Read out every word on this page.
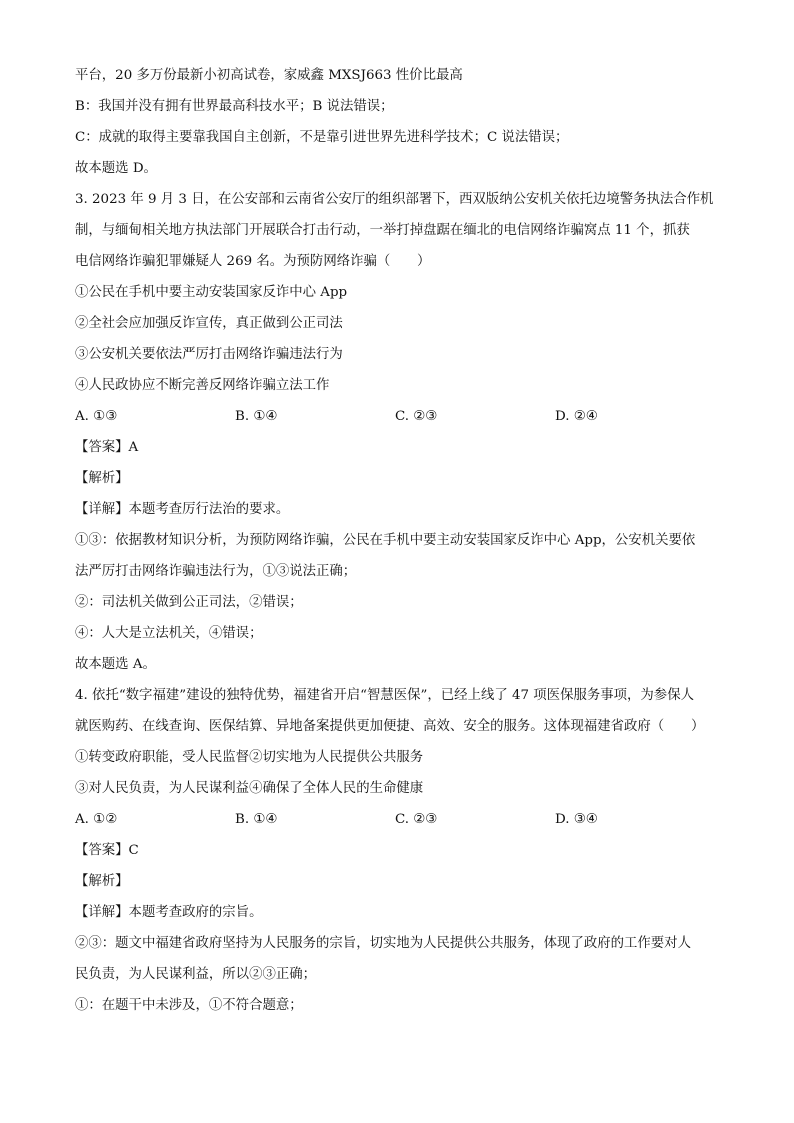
平台，20 多万份最新小初高试卷，家威鑫 MXSJ663 性价比最高
B：我国并没有拥有世界最高科技水平；B 说法错误；
C：成就的取得主要靠我国自主创新，不是靠引进世界先进科学技术；C 说法错误；
故本题选 D。
3. 2023 年 9 月 3 日，在公安部和云南省公安厅的组织部署下，西双版纳公安机关依托边境警务执法合作机
制，与缅甸相关地方执法部门开展联合打击行动，一举打掉盘踞在缅北的电信网络诈骗窝点 11 个，抓获
电信网络诈骗犯罪嫌疑人 269 名。为预防网络诈骗（　　）
①公民在手机中要主动安装国家反诈中心 App
②全社会应加强反诈宣传，真正做到公正司法
③公安机关要依法严厉打击网络诈骗违法行为
④人民政协应不断完善反网络诈骗立法工作
A. ①③	B. ①④	C. ②③	D. ②④
【答案】A
【解析】
【详解】本题考查厉行法治的要求。
①③：依据教材知识分析，为预防网络诈骗，公民在手机中要主动安装国家反诈中心 App，公安机关要依
法严厉打击网络诈骗违法行为，①③说法正确；
②：司法机关做到公正司法，②错误；
④：人大是立法机关，④错误；
故本题选 A。
4. 依托“数字福建”建设的独特优势，福建省开启“智慧医保”，已经上线了 47 项医保服务事项，为参保人
就医购药、在线查询、医保结算、异地备案提供更加便捷、高效、安全的服务。这体现福建省政府（　　）
①转变政府职能，受人民监督②切实地为人民提供公共服务
③对人民负责，为人民谋利益④确保了全体人民的生命健康
A. ①②	B. ①④	C. ②③	D. ③④
【答案】C
【解析】
【详解】本题考查政府的宗旨。
②③：题文中福建省政府坚持为人民服务的宗旨，切实地为人民提供公共服务，体现了政府的工作要对人
民负责，为人民谋利益，所以②③正确；
①：在题干中未涉及，①不符合题意；
